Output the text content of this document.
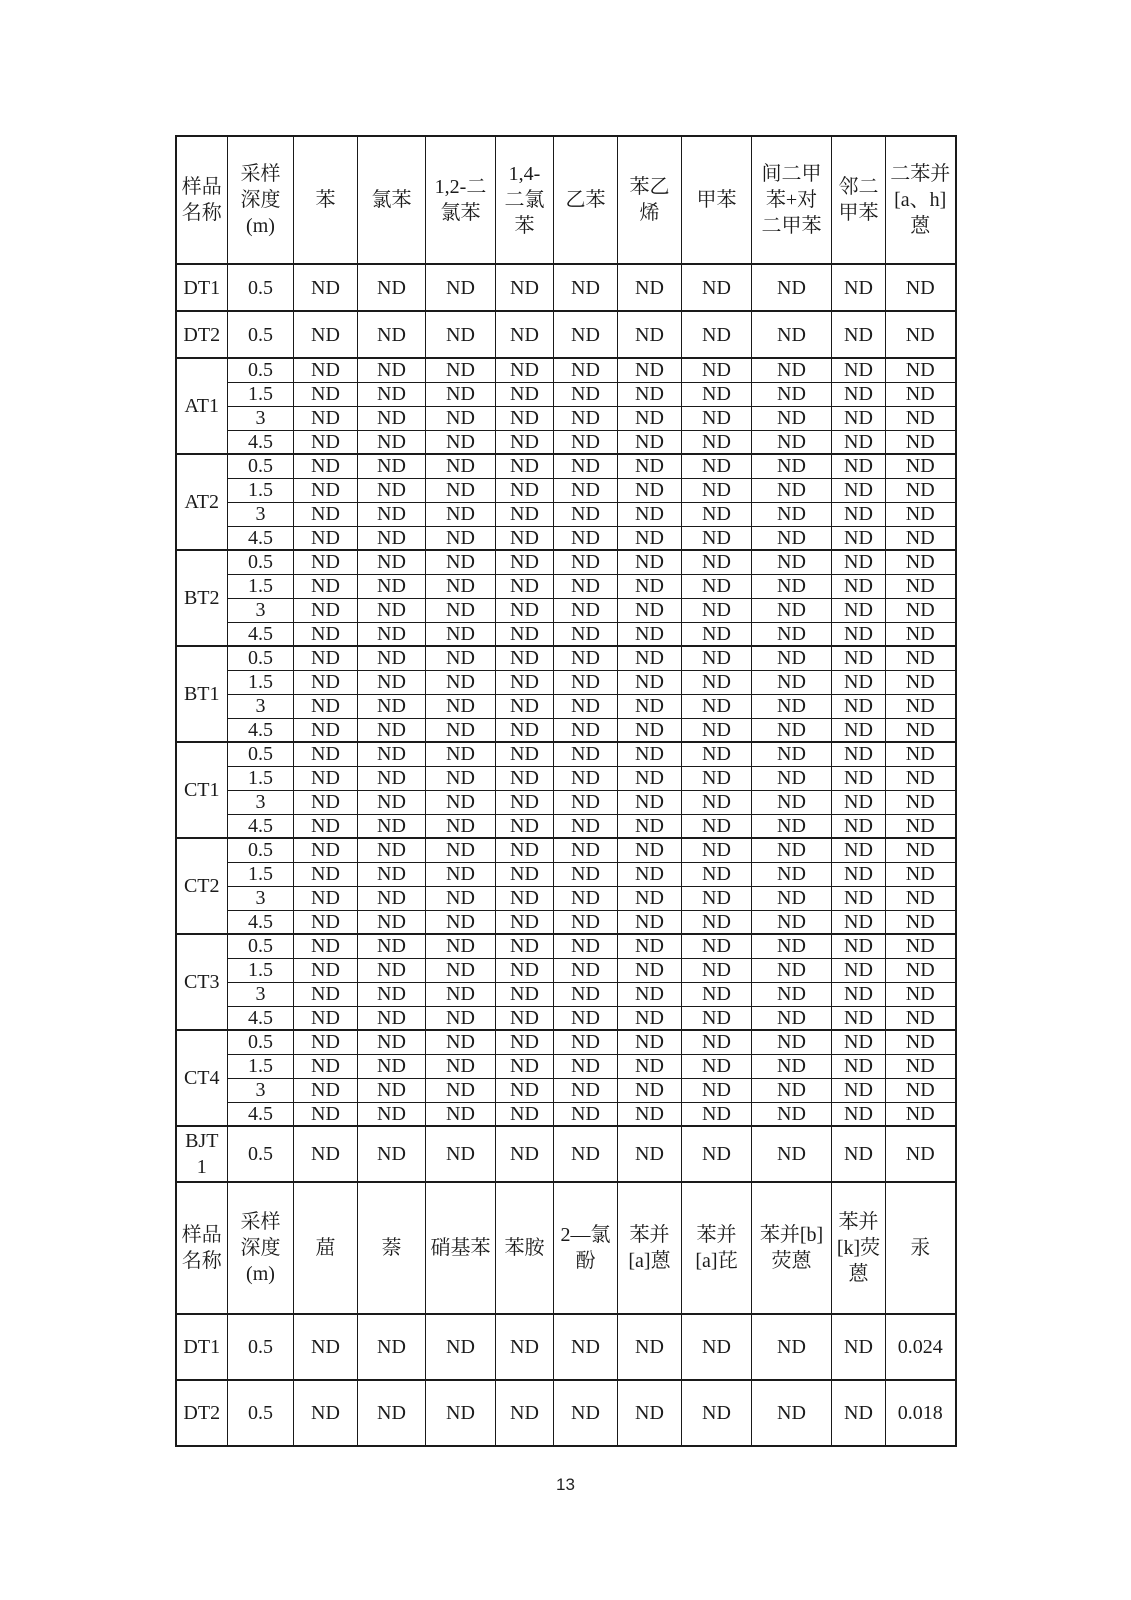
样品名称	采样深度(m)	苯	氯苯	1,2-二氯苯	1,4-二氯苯	乙苯	苯乙烯	甲苯	间二甲苯+对二甲苯	邻二甲苯	二苯并[a、h]蒽
DT1	0.5	ND	ND	ND	ND	ND	ND	ND	ND	ND	ND
DT2	0.5	ND	ND	ND	ND	ND	ND	ND	ND	ND	ND
AT1	0.5	ND	ND	ND	ND	ND	ND	ND	ND	ND	ND
	1.5	ND	ND	ND	ND	ND	ND	ND	ND	ND	ND
	3	ND	ND	ND	ND	ND	ND	ND	ND	ND	ND
	4.5	ND	ND	ND	ND	ND	ND	ND	ND	ND	ND
AT2	0.5	ND	ND	ND	ND	ND	ND	ND	ND	ND	ND
	1.5	ND	ND	ND	ND	ND	ND	ND	ND	ND	ND
	3	ND	ND	ND	ND	ND	ND	ND	ND	ND	ND
	4.5	ND	ND	ND	ND	ND	ND	ND	ND	ND	ND
BT2	0.5	ND	ND	ND	ND	ND	ND	ND	ND	ND	ND
	1.5	ND	ND	ND	ND	ND	ND	ND	ND	ND	ND
	3	ND	ND	ND	ND	ND	ND	ND	ND	ND	ND
	4.5	ND	ND	ND	ND	ND	ND	ND	ND	ND	ND
BT1	0.5	ND	ND	ND	ND	ND	ND	ND	ND	ND	ND
	1.5	ND	ND	ND	ND	ND	ND	ND	ND	ND	ND
	3	ND	ND	ND	ND	ND	ND	ND	ND	ND	ND
	4.5	ND	ND	ND	ND	ND	ND	ND	ND	ND	ND
CT1	0.5	ND	ND	ND	ND	ND	ND	ND	ND	ND	ND
	1.5	ND	ND	ND	ND	ND	ND	ND	ND	ND	ND
	3	ND	ND	ND	ND	ND	ND	ND	ND	ND	ND
	4.5	ND	ND	ND	ND	ND	ND	ND	ND	ND	ND
CT2	0.5	ND	ND	ND	ND	ND	ND	ND	ND	ND	ND
	1.5	ND	ND	ND	ND	ND	ND	ND	ND	ND	ND
	3	ND	ND	ND	ND	ND	ND	ND	ND	ND	ND
	4.5	ND	ND	ND	ND	ND	ND	ND	ND	ND	ND
CT3	0.5	ND	ND	ND	ND	ND	ND	ND	ND	ND	ND
	1.5	ND	ND	ND	ND	ND	ND	ND	ND	ND	ND
	3	ND	ND	ND	ND	ND	ND	ND	ND	ND	ND
	4.5	ND	ND	ND	ND	ND	ND	ND	ND	ND	ND
CT4	0.5	ND	ND	ND	ND	ND	ND	ND	ND	ND	ND
	1.5	ND	ND	ND	ND	ND	ND	ND	ND	ND	ND
	3	ND	ND	ND	ND	ND	ND	ND	ND	ND	ND
	4.5	ND	ND	ND	ND	ND	ND	ND	ND	ND	ND
BJT1	0.5	ND	ND	ND	ND	ND	ND	ND	ND	ND	ND
样品名称	采样深度(m)	䓛	萘	硝基苯	苯胺	2—氯酚	苯并[a]蒽	苯并[a]芘	苯并[b]荧蒽	苯并[k]荧蒽	汞
DT1	0.5	ND	ND	ND	ND	ND	ND	ND	ND	ND	0.024
DT2	0.5	ND	ND	ND	ND	ND	ND	ND	ND	ND	0.018
13
